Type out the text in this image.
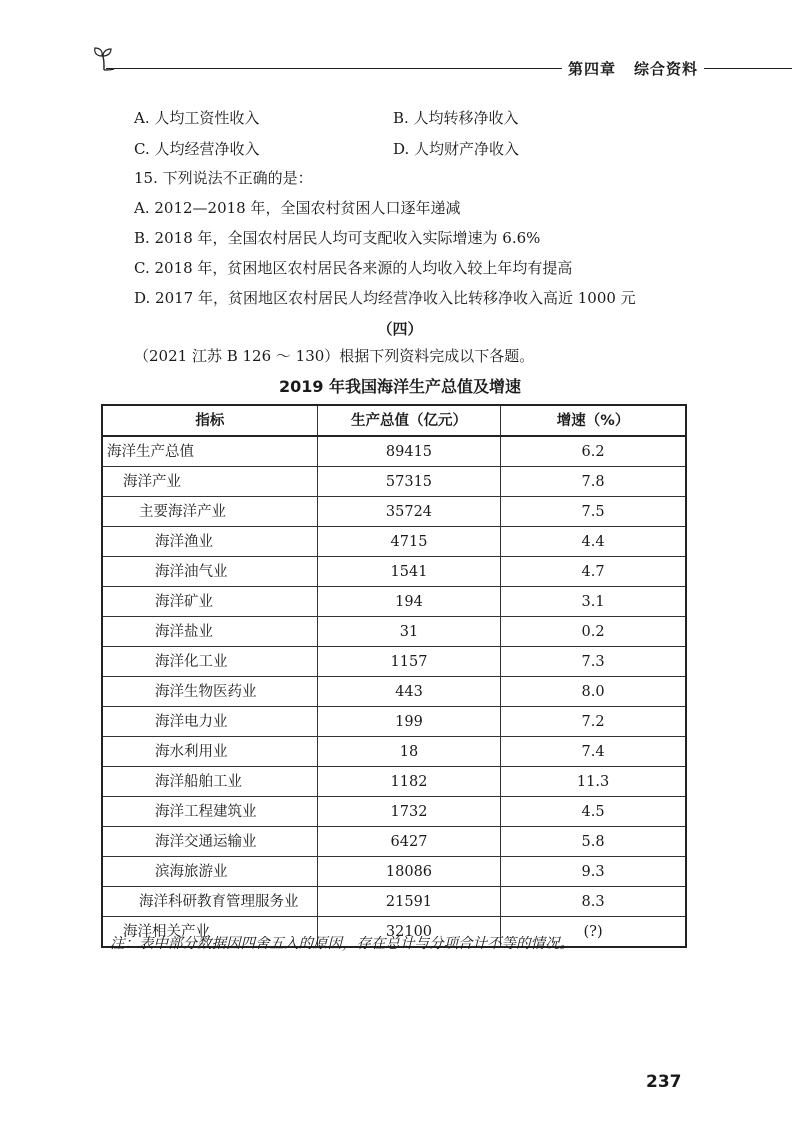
第四章 综合资料
A. 人均工资性收入	B. 人均转移净收入
C. 人均经营净收入	D. 人均财产净收入
15. 下列说法不正确的是：
A. 2012—2018 年，全国农村贫困人口逐年递减
B. 2018 年，全国农村居民人均可支配收入实际增速为 6.6%
C. 2018 年，贫困地区农村居民各来源的人均收入较上年均有提高
D. 2017 年，贫困地区农村居民人均经营净收入比转移净收入高近 1000 元
（四）
（2021 江苏 B 126 ～ 130）根据下列资料完成以下各题。
2019 年我国海洋生产总值及增速
指标	生产总值（亿元）	增速（%）
海洋生产总值	89415	6.2
海洋产业	57315	7.8
主要海洋产业	35724	7.5
海洋渔业	4715	4.4
海洋油气业	1541	4.7
海洋矿业	194	3.1
海洋盐业	31	0.2
海洋化工业	1157	7.3
海洋生物医药业	443	8.0
海洋电力业	199	7.2
海水利用业	18	7.4
海洋船舶工业	1182	11.3
海洋工程建筑业	1732	4.5
海洋交通运输业	6427	5.8
滨海旅游业	18086	9.3
海洋科研教育管理服务业	21591	8.3
海洋相关产业	32100	(?)
注：表中部分数据因四舍五入的原因，存在总计与分项合计不等的情况。
237
